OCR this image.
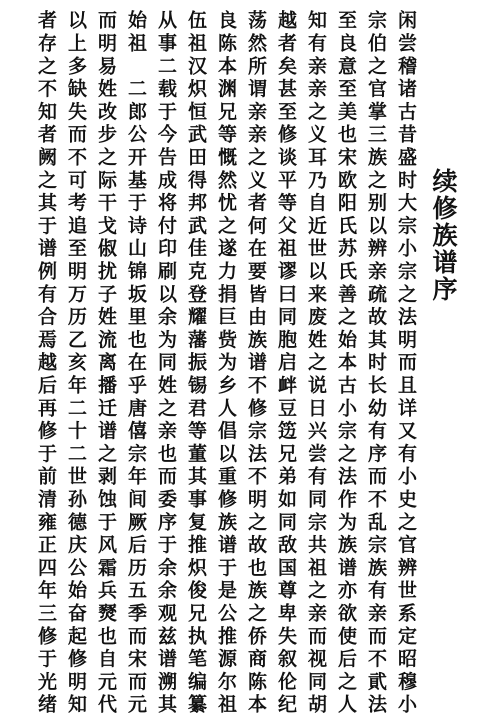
续修族谱序
闲尝稽诸古昔盛时大宗小宗之法明而且详又有小史之官辨世系定昭穆小
宗伯之官掌三族之别以辨亲疏故其时长幼有序而不乱宗族有亲而不貮法
至良意至美也宋欧阳氏苏氏善之始本古小宗之法作为族谱亦欲使后之人
知有亲亲之义耳乃自近世以来废姓之说日兴尝有同宗共祖之亲而视同胡
越者矣甚至修谈平等父祖谬曰同胞启衅豆笾兄弟如同敌国尊卑失叙伦纪
荡然所谓亲亲之义者何在要皆由族谱不修宗法不明之故也族之侨商陈本
良陈本渊兄等慨然忧之遂力捐巨赀为乡人倡以重修族谱于是公推源尔祖
伍祖汉炽恒武田得邦武佳克登耀藩振锡君等董其事复推炽俊兄执笔编纂
从事二载于今告成将付印刷以余为同姓之亲也而委序于余余观兹谱溯其
始祖　二郎公开基于诗山锦坂里也在乎唐僖宗年间厥后历五季而宋而元
而明易姓改步之际干戈俶扰子姓流离播迁谱之剥蚀于风霜兵燹也自元代
以上多缺失而不可考追至明万历乙亥年二十二世孙德庆公始奋起修明知
者存之不知者阙之其于谱例有合焉越后再修于前清雍正四年三修于光绪
